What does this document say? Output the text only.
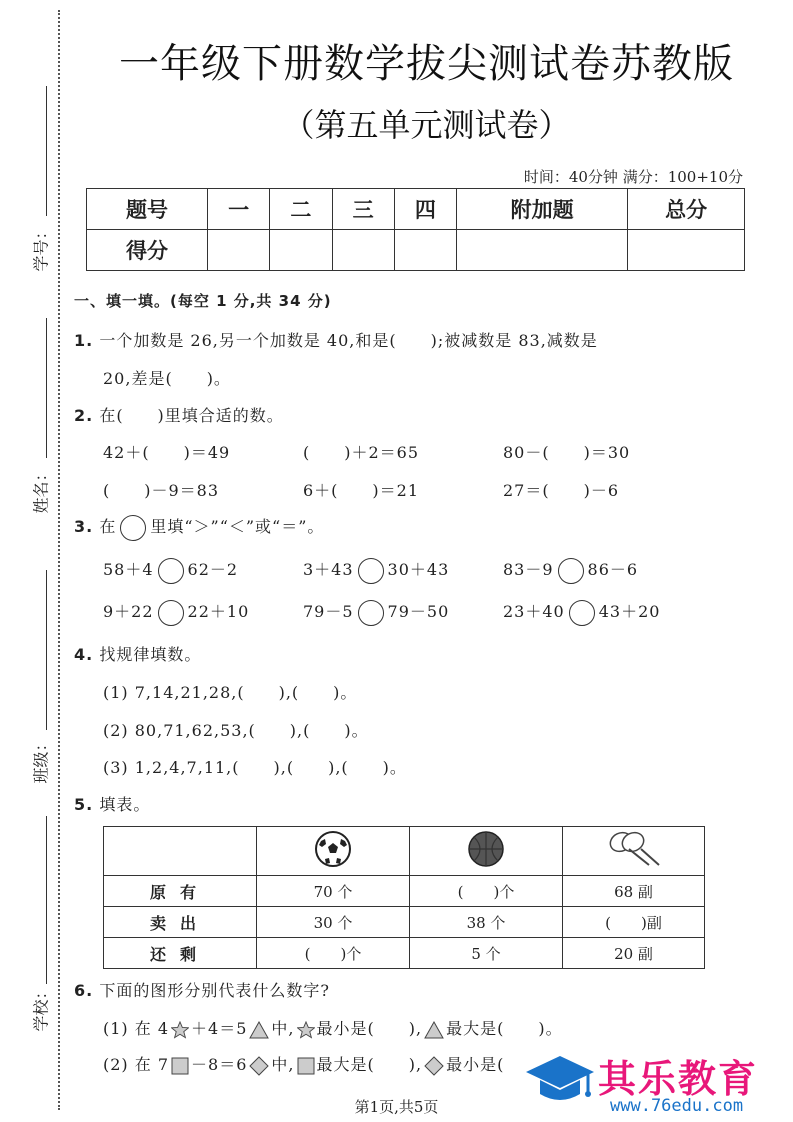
学号：
姓名：
班级：
学校：
一年级下册数学拔尖测试卷苏教版
（第五单元测试卷）
时间：40分钟 满分：100+10分
题号	一	二	三	四	附加题	总分
得分						
一、填一填。(每空 1 分,共 34 分)
1. 一个加数是 26,另一个加数是 40,和是(　　);被减数是 83,减数是
20,差是(　　)。
2. 在(　　)里填合适的数。
42＋(　　)＝49	(　　)＋2＝65	80－(　　)＝30
(　　)－9＝83	6＋(　　)＝21	27＝(　　)－6
3. 在 里填“＞”“＜”或“＝”。
58＋4 62－2	3＋43 30＋43	83－9 86－6
9＋22 22＋10	79－5 79－50	23＋40 43＋20
4. 找规律填数。
(1) 7,14,21,28,(　　),(　　)。
(2) 80,71,62,53,(　　),(　　)。
(3) 1,2,4,7,11,(　　),(　　),(　　)。
5. 填表。

原有	70 个	(　　)个	68 副
卖出	30 个	38 个	(　　)副
还剩	(　　)个	5 个	20 副
6. 下面的图形分别代表什么数字?
(1) 在 4 ＋4＝5 中, 最小是(　　), 最大是(　　)。
(2) 在 7 －8＝6 中, 最大是(　　), 最小是(
第1页,共5页
其乐教育
www.76edu.com
